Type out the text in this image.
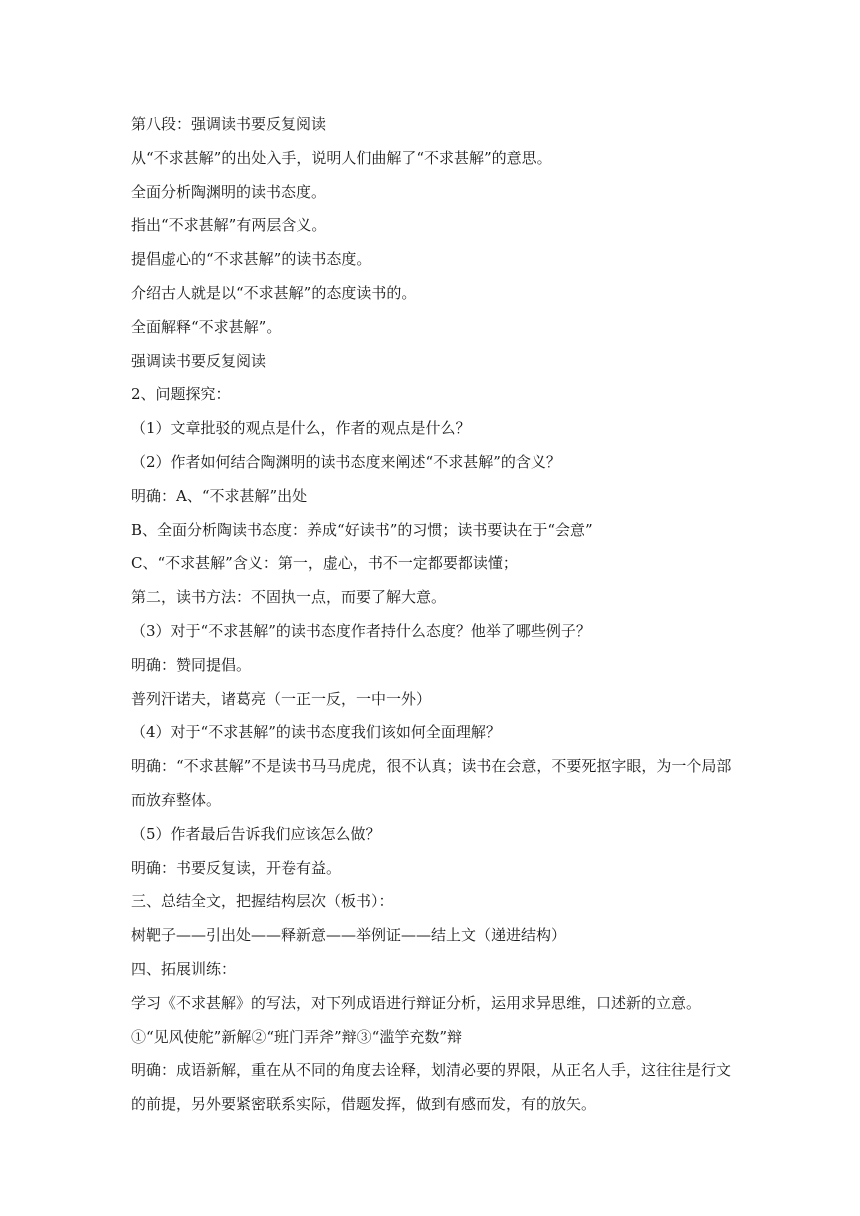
第八段：强调读书要反复阅读
从“不求甚解”的出处入手，说明人们曲解了“不求甚解”的意思。
全面分析陶渊明的读书态度。
指出“不求甚解”有两层含义。
提倡虚心的“不求甚解”的读书态度。
介绍古人就是以“不求甚解”的态度读书的。
全面解释“不求甚解”。
强调读书要反复阅读
2、问题探究：
（1）文章批驳的观点是什么，作者的观点是什么？
（2）作者如何结合陶渊明的读书态度来阐述“不求甚解”的含义？
明确：A、“不求甚解”出处
B、全面分析陶读书态度：养成“好读书”的习惯；读书要诀在于“会意”
C、“不求甚解”含义：第一，虚心，书不一定都要都读懂；
第二，读书方法：不固执一点，而要了解大意。
（3）对于“不求甚解”的读书态度作者持什么态度？他举了哪些例子？
明确：赞同提倡。
普列汗诺夫，诸葛亮（一正一反，一中一外）
（4）对于“不求甚解”的读书态度我们该如何全面理解？
明确：“不求甚解”不是读书马马虎虎，很不认真；读书在会意，不要死抠字眼，为一个局部
而放弃整体。
（5）作者最后告诉我们应该怎么做？
明确：书要反复读，开卷有益。
三、总结全文，把握结构层次（板书）：
树靶子——引出处——释新意——举例证——结上文（递进结构）
四、拓展训练：
学习《不求甚解》的写法，对下列成语进行辩证分析，运用求异思维，口述新的立意。
①“见风使舵”新解②“班门弄斧”辩③“滥竽充数”辩
明确：成语新解，重在从不同的角度去诠释，划清必要的界限，从正名人手，这往往是行文
的前提，另外要紧密联系实际，借题发挥，做到有感而发，有的放矢。
